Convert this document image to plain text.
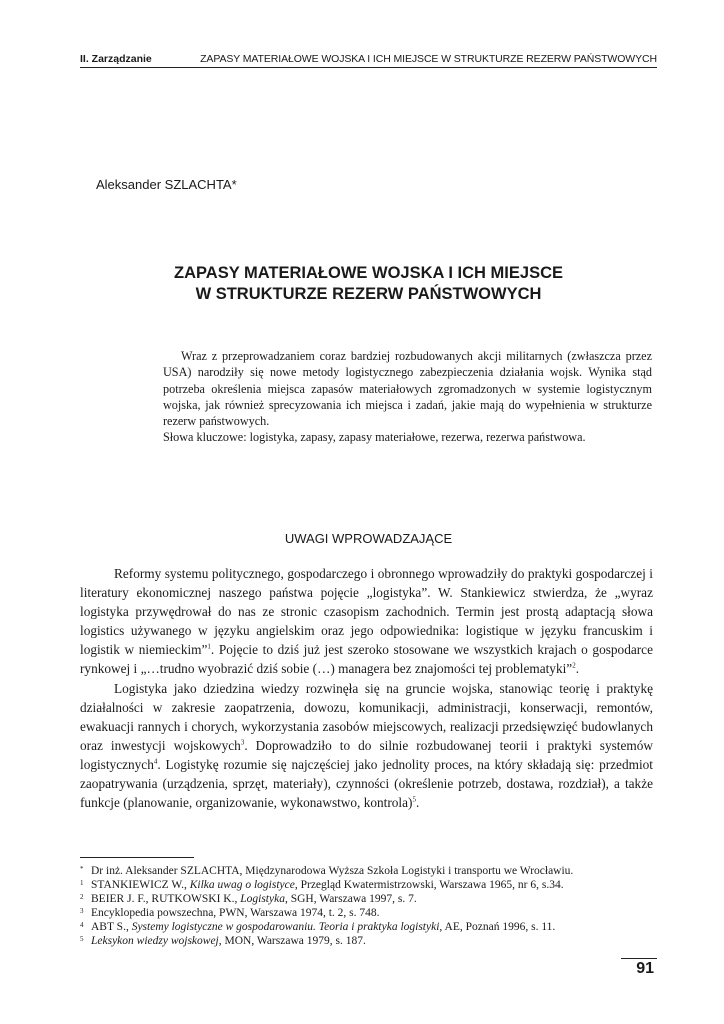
II. Zarządzanie	ZAPASY MATERIAŁOWE WOJSKA I ICH MIEJSCE W STRUKTURZE REZERW PAŃSTWOWYCH
Aleksander SZLACHTA*
ZAPASY MATERIAŁOWE WOJSKA I ICH MIEJSCE
W STRUKTURZE REZERW PAŃSTWOWYCH

Wraz z przeprowadzaniem coraz bardziej rozbudowanych akcji militarnych (zwłaszcza przez USA) narodziły się nowe metody logistycznego zabezpieczenia działania wojsk. Wynika stąd potrzeba określenia miejsca zapasów materiałowych zgromadzonych w systemie logistycznym wojska, jak również sprecyzowania ich miejsca i zadań, jakie mają do wypełnienia w strukturze rezerw państwowych.

Słowa kluczowe: logistyka, zapasy, zapasy materiałowe, rezerwa, rezerwa państwowa.

UWAGI WPROWADZAJĄCE

Reformy systemu politycznego, gospodarczego i obronnego wprowadziły do praktyki gospodarczej i literatury ekonomicznej naszego państwa pojęcie „logistyka”. W. Stankiewicz stwierdza, że „wyraz logistyka przywędrował do nas ze stronic czasopism zachodnich. Termin jest prostą adaptacją słowa logistics używanego w języku angielskim oraz jego odpowiednika: logistique w języku francuskim i logistik w niemieckim”$^1$. Pojęcie to dziś już jest szeroko stosowane we wszystkich krajach o gospodarce rynkowej i „…trudno wyobrazić dziś sobie (…) managera bez znajomości tej problematyki”$^2$.

Logistyka jako dziedzina wiedzy rozwinęła się na gruncie wojska, stanowiąc teorię i praktykę działalności w zakresie zaopatrzenia, dowozu, komunikacji, administracji, konserwacji, remontów, ewakuacji rannych i chorych, wykorzystania zasobów miejscowych, realizacji przedsięwzięć budowlanych oraz inwestycji wojskowych$^3$. Doprowadziło to do silnie rozbudowanej teorii i praktyki systemów logistycznych$^4$. Logistykę rozumie się najczęściej jako jednolity proces, na który składają się: przedmiot zaopatrywania (urządzenia, sprzęt, materiały), czynności (określenie potrzeb, dostawa, rozdział), a także funkcje (planowanie, organizowanie, wykonawstwo, kontrola)$^5$.

* Dr inż. Aleksander SZLACHTA, Międzynarodowa Wyższa Szkoła Logistyki i transportu we Wrocławiu.
1 STANKIEWICZ W., Kilka uwag o logistyce, Przegląd Kwatermistrzowski, Warszawa 1965, nr 6, s.34.
2 BEIER J. F., RUTKOWSKI K., Logistyka, SGH, Warszawa 1997, s. 7.
3 Encyklopedia powszechna, PWN, Warszawa 1974, t. 2, s. 748.
4 ABT S., Systemy logistyczne w gospodarowaniu. Teoria i praktyka logistyki, AE, Poznań 1996, s. 11.
5 Leksykon wiedzy wojskowej, MON, Warszawa 1979, s. 187.
91
